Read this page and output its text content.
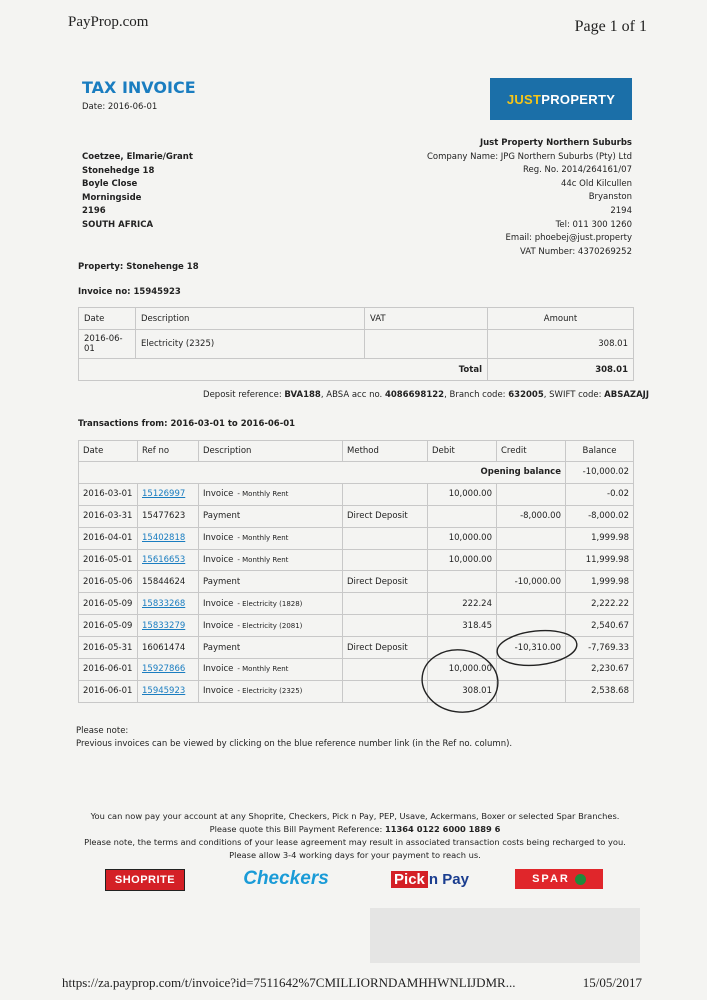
PayProp.com	Page 1 of 1
TAX INVOICE
Date: 2016-06-01
JUST PROPERTY
Just Property Northern Suburbs
Company Name: JPG Northern Suburbs (Pty) Ltd
Reg. No. 2014/264161/07
44c Old Kilcullen
Bryanston
2194
Tel: 011 300 1260
Email: phoebej@just.property
VAT Number: 4370269252
Coetzee, Elmarie/Grant
Stonehedge 18
Boyle Close
Morningside
2196
SOUTH AFRICA
Property: Stonehenge 18
Invoice no: 15945923
Date	Description	VAT	Amount
2016-06-01	Electricity (2325)		308.01
Total			308.01
Deposit reference: BVA188, ABSA acc no. 4086698122, Branch code: 632005, SWIFT code: ABSAZAJJ
Transactions from: 2016-03-01 to 2016-06-01
Date	Ref no	Description	Method	Debit	Credit	Balance
Opening balance						-10,000.02
2016-03-01	15126997	Invoice - Monthly Rent		10,000.00		-0.02
2016-03-31	15477623	Payment	Direct Deposit		-8,000.00	-8,000.02
2016-04-01	15402818	Invoice - Monthly Rent		10,000.00		1,999.98
2016-05-01	15616653	Invoice - Monthly Rent		10,000.00		11,999.98
2016-05-06	15844624	Payment	Direct Deposit		-10,000.00	1,999.98
2016-05-09	15833268	Invoice - Electricity (1828)		222.24		2,222.22
2016-05-09	15833279	Invoice - Electricity (2081)		318.45		2,540.67
2016-05-31	16061474	Payment	Direct Deposit		-10,310.00	-7,769.33
2016-06-01	15927866	Invoice - Monthly Rent		10,000.00		2,230.67
2016-06-01	15945923	Invoice - Electricity (2325)		308.01		2,538.68
Please note:
Previous invoices can be viewed by clicking on the blue reference number link (in the Ref no. column).
You can now pay your account at any Shoprite, Checkers, Pick n Pay, PEP, Usave, Ackermans, Boxer or selected Spar Branches.
Please quote this Bill Payment Reference: 11364 0122 6000 1889 6
Please note, the terms and conditions of your lease agreement may result in associated transaction costs being recharged to you. Please allow 3-4 working days for your payment to reach us.
SHOPRITE	Checkers	Pick n Pay	SPAR

https://za.payprop.com/t/invoice?id=7511642%7CMILLIORNDAMHHWNLIJDMR...	15/05/2017
